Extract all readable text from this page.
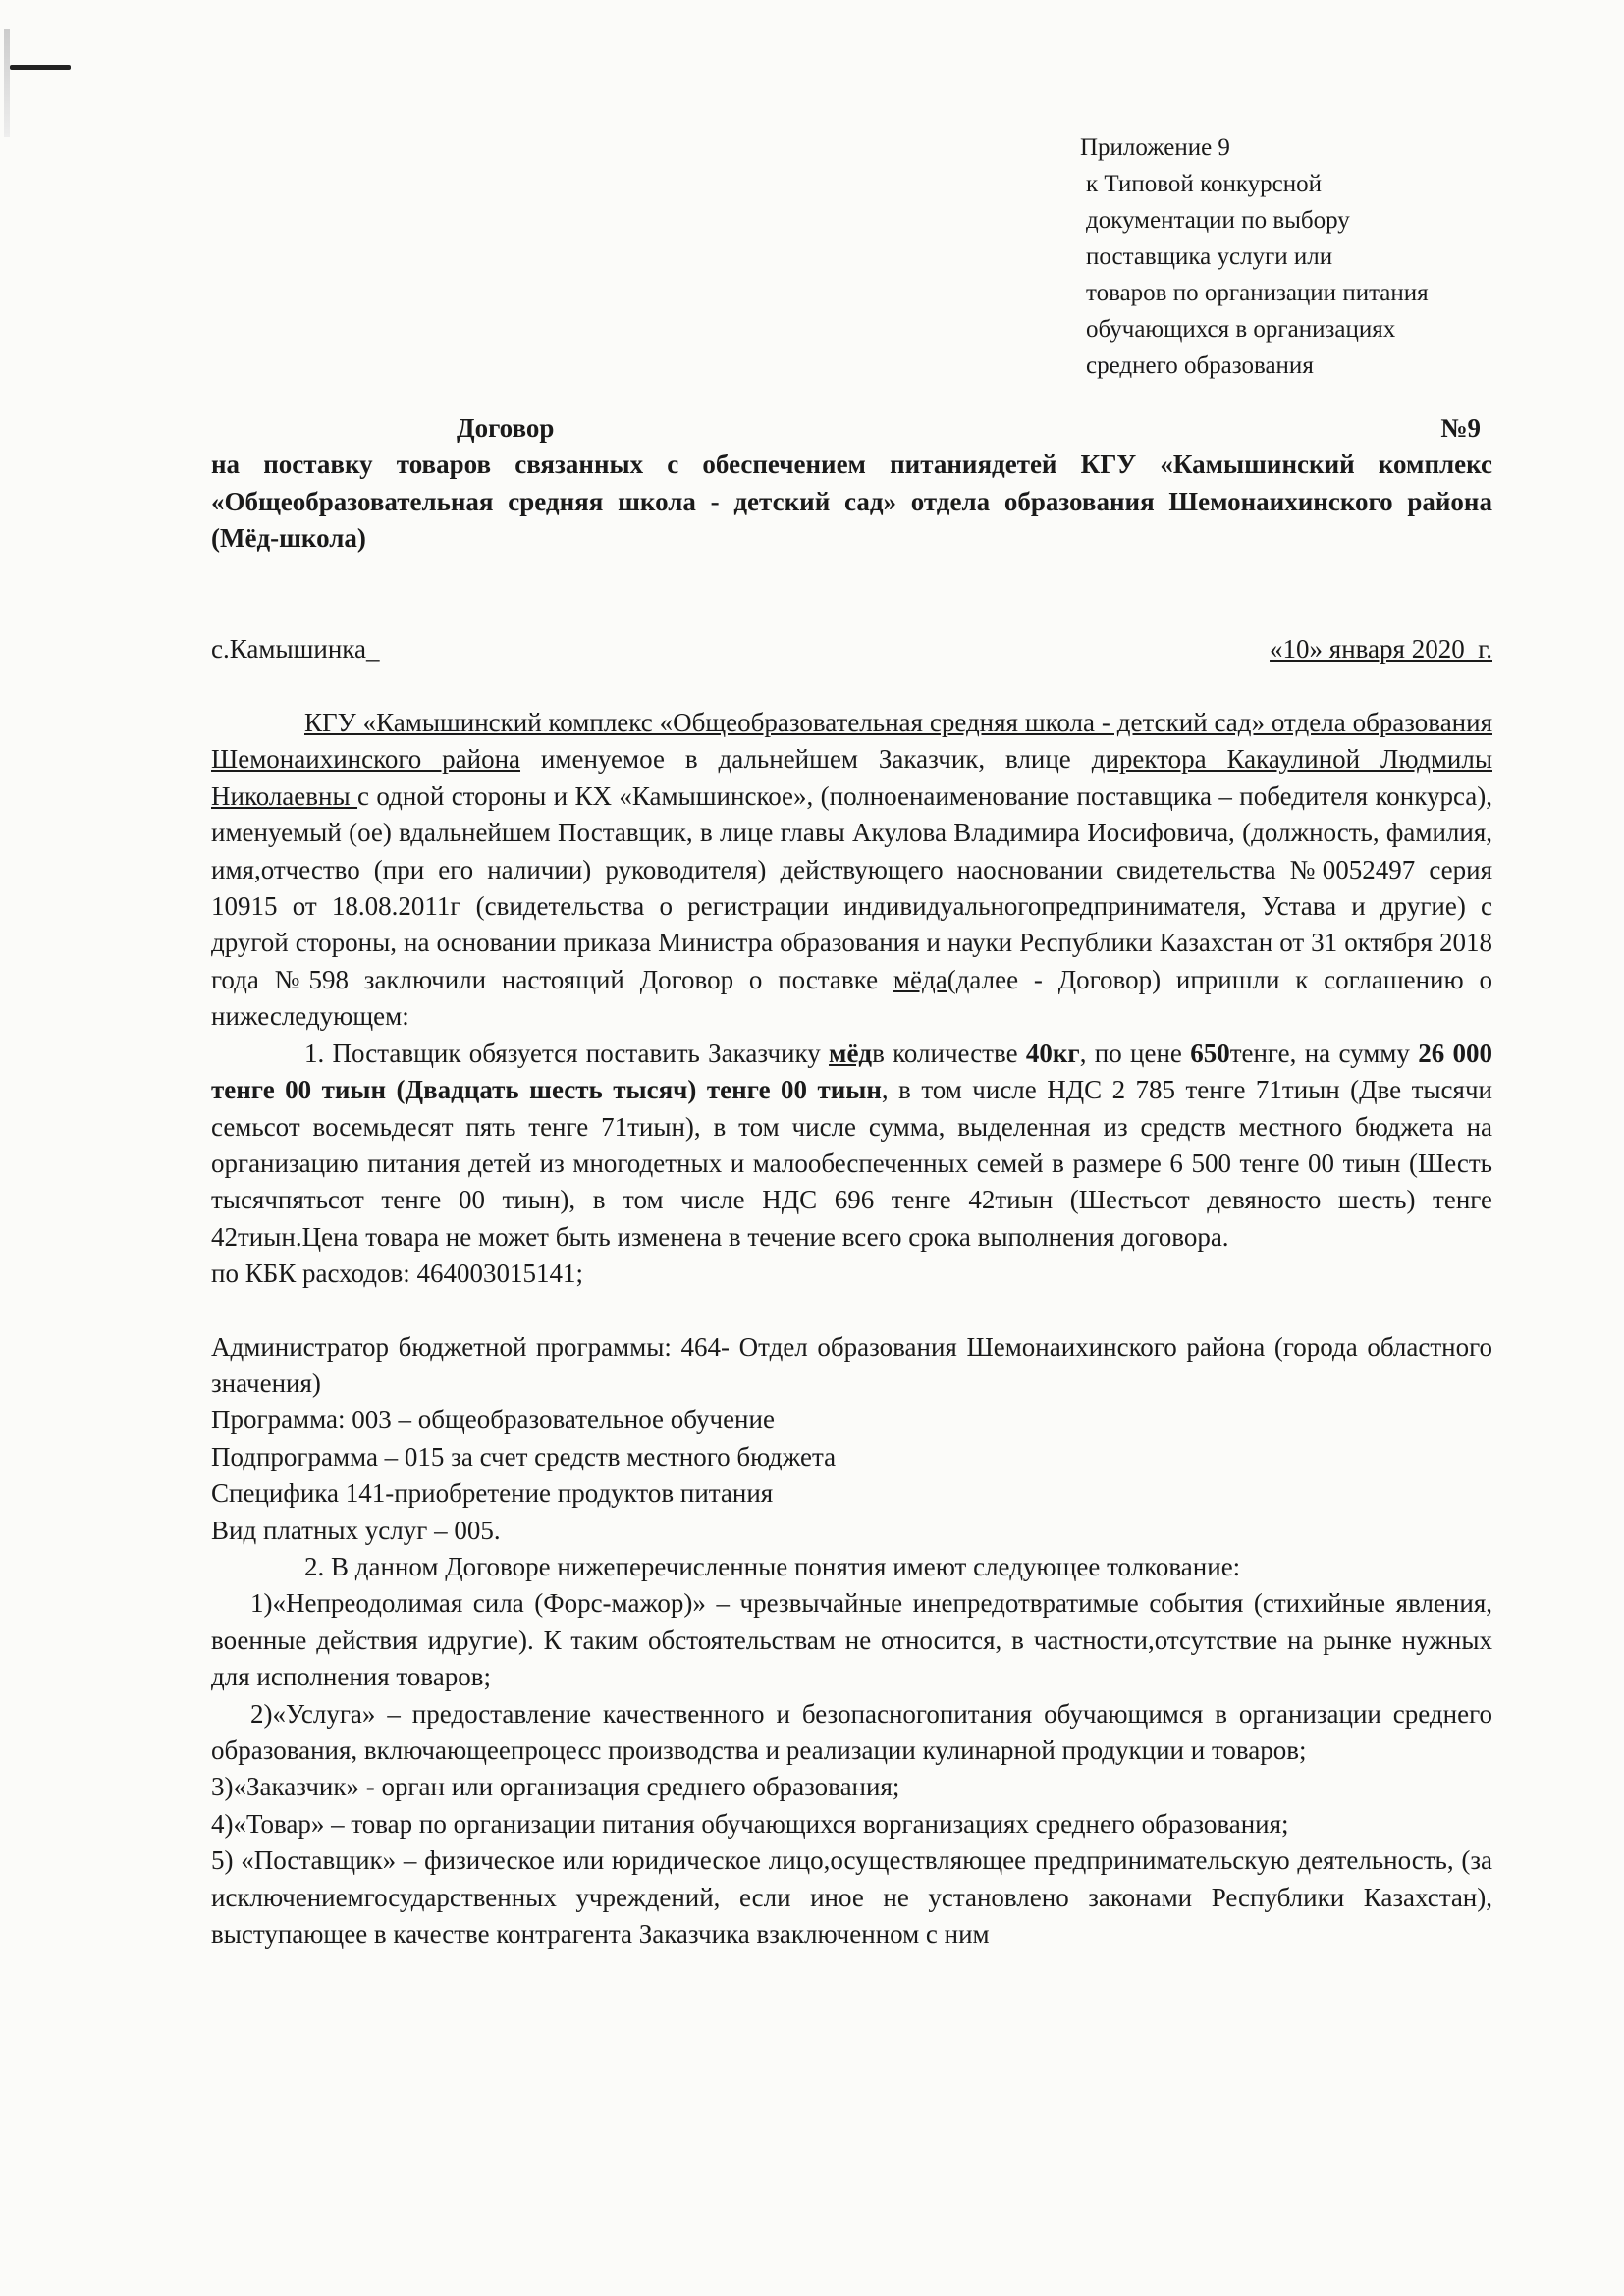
Приложение 9
к Типовой конкурсной
документации по выбору
поставщика услуги или
товаров по организации питания
обучающихся в организациях
среднего образования
Договор	№9

на поставку товаров связанных с обеспечением питаниядетей КГУ «Камышинский комплекс «Общеобразовательная средняя школа - детский сад» отдела образования Шемонаихинского района (Мёд-школа)

с.Камышинка_	«10» января 2020_г.

КГУ «Камышинский комплекс «Общеобразовательная средняя школа - детский сад» отдела образования Шемонаихинского района именуемое в дальнейшем Заказчик, влице директора Какаулиной Людмилы Николаевны с одной стороны и КХ «Камышинское», (полноенаименование поставщика – победителя конкурса), именуемый (ое) вдальнейшем Поставщик, в лице главы Акулова Владимира Иосифовича, (должность, фамилия, имя,отчество (при его наличии) руководителя) действующего наосновании свидетельства №0052497 серия 10915 от 18.08.2011г (свидетельства о регистрации индивидуальногопредпринимателя, Устава и другие) с другой стороны, на основании приказа Министра образования и науки Республики Казахстан от 31 октября 2018 года №598 заключили настоящий Договор о поставке мёда(далее - Договор) ипришли к соглашению о нижеследующем:

1. Поставщик обязуется поставить Заказчику мёдв количестве 40кг, по цене 650тенге, на сумму 26 000 тенге 00 тиын (Двадцать шесть тысяч) тенге 00 тиын, в том числе НДС 2 785 тенге 71тиын (Две тысячи семьсот восемьдесят пять тенге 71тиын), в том числе сумма, выделенная из средств местного бюджета на организацию питания детей из многодетных и малообеспеченных семей в размере 6 500 тенге 00 тиын (Шесть тысячпятьсот тенге 00 тиын), в том числе НДС 696 тенге 42тиын (Шестьсот девяносто шесть) тенге 42тиын.Цена товара не может быть изменена в течение всего срока выполнения договора.

по КБК расходов: 464003015141;

Администратор бюджетной программы: 464- Отдел образования Шемонаихинского района (города областного значения)

Программа: 003 – общеобразовательное обучение

Подпрограмма – 015 за счет средств местного бюджета

Специфика 141-приобретение продуктов питания

Вид платных услуг – 005.

2. В данном Договоре нижеперечисленные понятия имеют следующее толкование:

1)«Непреодолимая сила (Форс-мажор)» – чрезвычайные инепредотвратимые события (стихийные явления, военные действия идругие). К таким обстоятельствам не относится, в частности,отсутствие на рынке нужных для исполнения товаров;

2)«Услуга» – предоставление качественного и безопасногопитания обучающимся в организации среднего образования, включающеепроцесс производства и реализации кулинарной продукции и товаров;

3)«Заказчик» - орган или организация среднего образования;

4)«Товар» – товар по организации питания обучающихся ворганизациях среднего образования;

5) «Поставщик» – физическое или юридическое лицо,осуществляющее предпринимательскую деятельность, (за исключениемгосударственных учреждений, если иное не установлено законами Республики Казахстан), выступающее в качестве контрагента Заказчика взаключенном с ним
